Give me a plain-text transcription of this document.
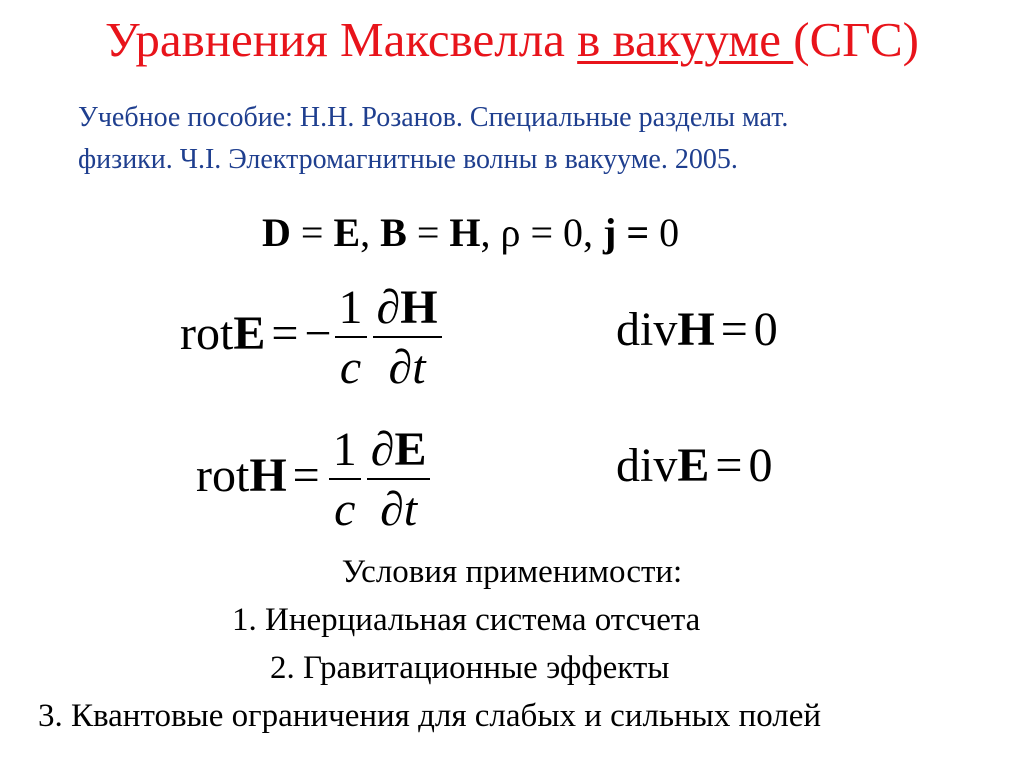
Уравнения Максвелла в вакууме (СГС)
Учебное пособие: Н.Н. Розанов. Специальные разделы мат.
физики. Ч.I. Электромагнитные волны в вакууме. 2005.
D = E, B = H, ρ = 0, j = 0
rotE = − $\frac{1}{c} \frac{\partial H}{\partial t}$	divH = 0
rotH = $\frac{1}{c} \frac{\partial E}{\partial t}$	divE = 0
Условия применимости:
1. Инерциальная система отсчета
2. Гравитационные эффекты
3. Квантовые ограничения для слабых и сильных полей
